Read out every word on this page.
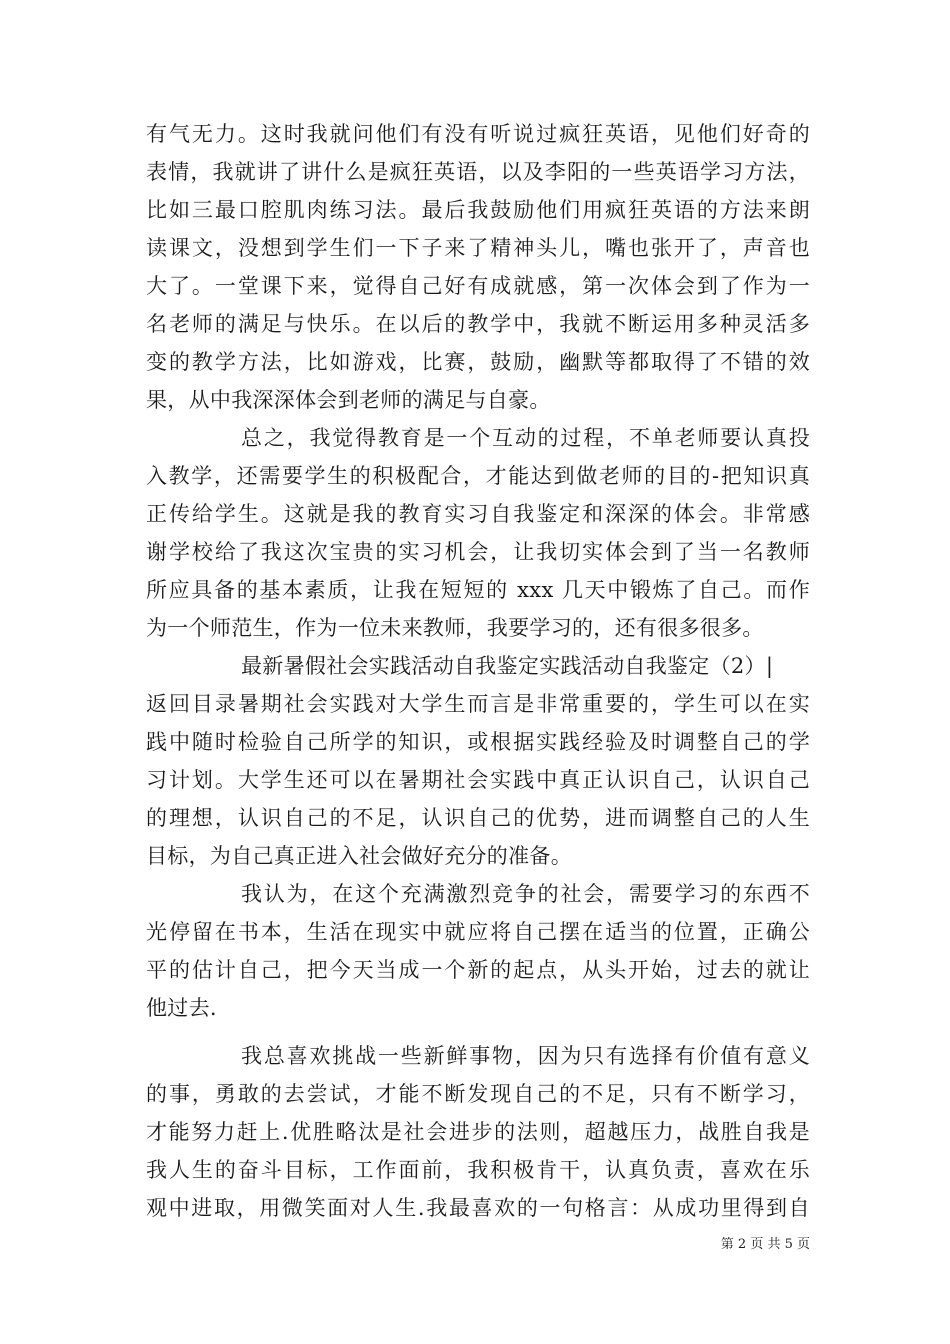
有气无力。这时我就问他们有没有听说过疯狂英语，见他们好奇的
表情，我就讲了讲什么是疯狂英语，以及李阳的一些英语学习方法，
比如三最口腔肌肉练习法。最后我鼓励他们用疯狂英语的方法来朗
读课文，没想到学生们一下子来了精神头儿，嘴也张开了，声音也
大了。一堂课下来，觉得自己好有成就感，第一次体会到了作为一
名老师的满足与快乐。在以后的教学中，我就不断运用多种灵活多
变的教学方法，比如游戏，比赛，鼓励，幽默等都取得了不错的效
果，从中我深深体会到老师的满足与自豪。

总之，我觉得教育是一个互动的过程，不单老师要认真投
入教学，还需要学生的积极配合，才能达到做老师的目的-把知识真
正传给学生。这就是我的教育实习自我鉴定和深深的体会。非常感
谢学校给了我这次宝贵的实习机会，让我切实体会到了当一名教师
所应具备的基本素质，让我在短短的 xxx 几天中锻炼了自己。而作
为一个师范生，作为一位未来教师，我要学习的，还有很多很多。

最新暑假社会实践活动自我鉴定实践活动自我鉴定（2）|
返回目录暑期社会实践对大学生而言是非常重要的，学生可以在实
践中随时检验自己所学的知识，或根据实践经验及时调整自己的学
习计划。大学生还可以在暑期社会实践中真正认识自己，认识自己
的理想，认识自己的不足，认识自己的优势，进而调整自己的人生
目标，为自己真正进入社会做好充分的准备。

我认为，在这个充满激烈竞争的社会，需要学习的东西不
光停留在书本，生活在现实中就应将自己摆在适当的位置，正确公
平的估计自己，把今天当成一个新的起点，从头开始，过去的就让
他过去.

我总喜欢挑战一些新鲜事物，因为只有选择有价值有意义
的事，勇敢的去尝试，才能不断发现自己的不足，只有不断学习，
才能努力赶上.优胜略汰是社会进步的法则，超越压力，战胜自我是
我人生的奋斗目标，工作面前，我积极肯干，认真负责，喜欢在乐
观中进取，用微笑面对人生.我最喜欢的一句格言：从成功里得到自

第 2 页 共 5 页
